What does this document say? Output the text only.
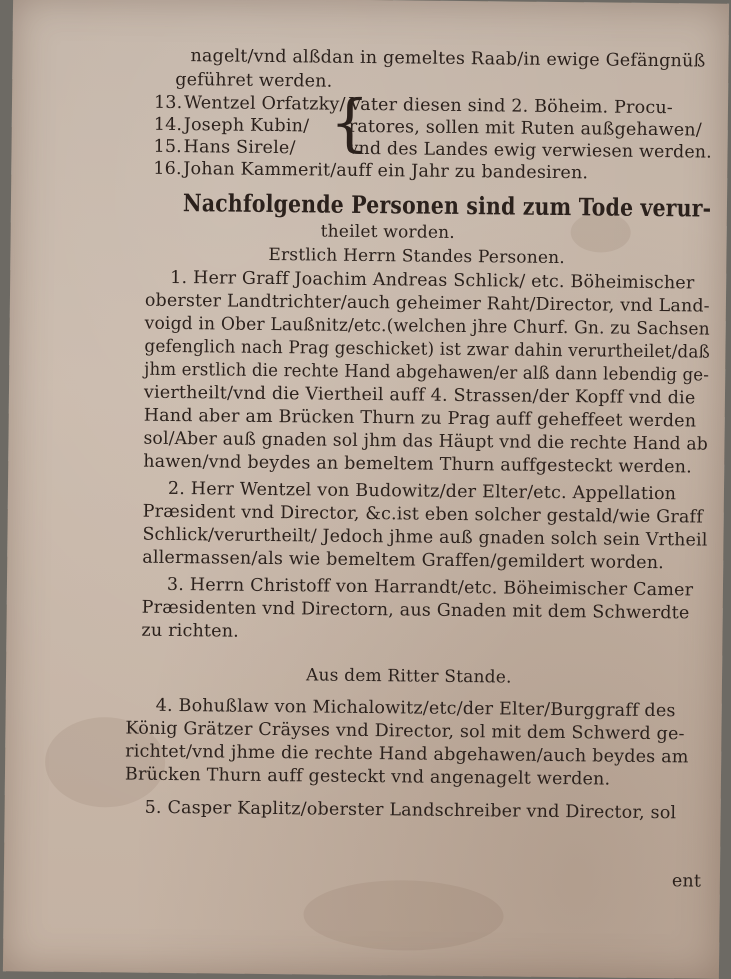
nagelt/vnd alßdan in gemeltes Raab/in ewige Gefängnüß
geführet werden.
13. Wentzel Orfatzky/ Vater diesen sind 2. Böheim. Procu-
14. Joseph Kubin/ ratores, sollen mit Ruten außgehawen/
15. Hans Sirele/	vnd des Landes ewig verwiesen werden.
{
16. Johan Kammerit/auff ein Jahr zu bandesiren.
Nachfolgende Personen sind zum Tode verur-
theilet worden.
Erstlich Herrn Standes Personen.
1. Herr Graff Joachim Andreas Schlick/ etc. Böheimischer
oberster Landtrichter/auch geheimer Raht/Director, vnd Land-
voigd in Ober Laußnitz/etc.(welchen jhre Churf. Gn. zu Sachsen
gefenglich nach Prag geschicket) ist zwar dahin verurtheilet/daß
jhm erstlich die rechte Hand abgehawen/er alß dann lebendig ge-
viertheilt/vnd die Viertheil auff 4. Strassen/der Kopff vnd die
Hand aber am Brücken Thurn zu Prag auff geheffeet werden
sol/Aber auß gnaden sol jhm das Häupt vnd die rechte Hand ab
hawen/vnd beydes an bemeltem Thurn auffgesteckt werden.
2. Herr Wentzel von Budowitz/der Elter/etc. Appellation
Præsident vnd Director, &c.ist eben solcher gestald/wie Graff
Schlick/verurtheilt/ Jedoch jhme auß gnaden solch sein Vrtheil
allermassen/als wie bemeltem Graffen/gemildert worden.
3. Herrn Christoff von Harrandt/etc. Böheimischer Camer
Præsidenten vnd Directorn, aus Gnaden mit dem Schwerdte
zu richten.
Aus dem Ritter Stande.
4. Bohußlaw von Michalowitz/etc/der Elter/Burggraff des
König Grätzer Cräyses vnd Director, sol mit dem Schwerd ge-
richtet/vnd jhme die rechte Hand abgehawen/auch beydes am
Brücken Thurn auff gesteckt vnd angenagelt werden.
5. Casper Kaplitz/oberster Landschreiber vnd Director, sol
ent
